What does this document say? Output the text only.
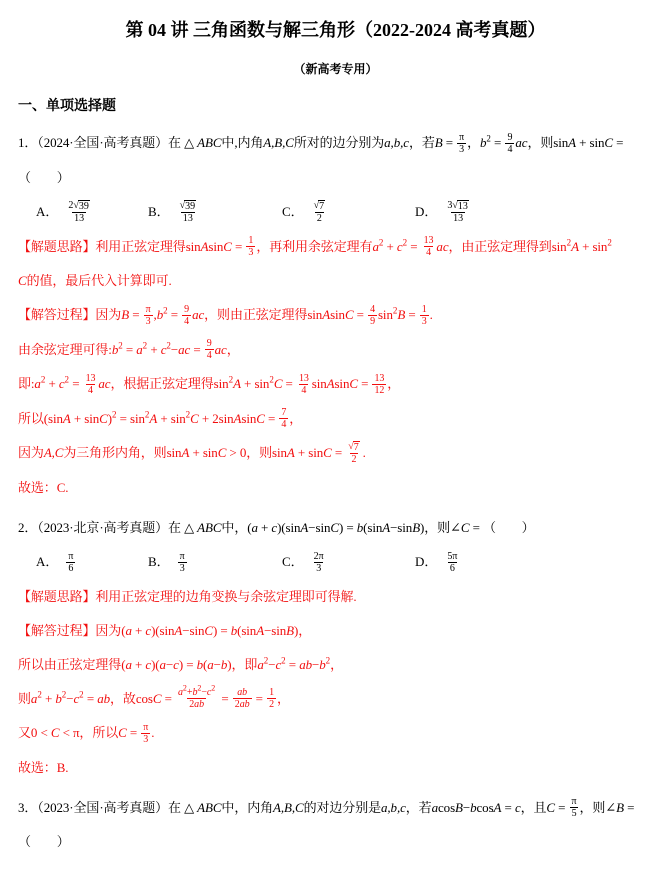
第 04 讲 三角函数与解三角形（2022-2024 高考真题）
（新高考专用）
一、单项选择题
1．（2024·全国·高考真题）在 △ ABC中,内角A,B,C所对的边分别为a,b,c，若$B = \frac{\pi}{3}$ ，$b^2 = \frac{9}{4}$ ac，则sinA + sinC =
（　　）
A． $\frac{2 √ 39}{13}$	B． $\frac{√ 39}{13}$	C． $\frac{√ 7}{2}$	D． $\frac{3 √ 13}{13}$
【解题思路】利用正弦定理得sinAsinC = $\frac{1}{3}$ ，再利用余弦定理有$a^2 + c^2 = \frac{13}{4}$ ac，由正弦定理得到$\sin^2A + \sin^2$
C的值，最后代入计算即可.
【解答过程】因为$B = \frac{\pi}{3} ,b^2 = \frac{9}{4}$ ac，则由正弦定理得sinAsinC = $\frac{4}{9} \sin^2B = \frac{1}{3}$ .
由余弦定理可得$:b^2 = a^2 + c^2-ac = \frac{9}{4}$ ac，
即$:a^2 + c^2 = \frac{13}{4}$ ac，根据正弦定理得$\sin^2A + \sin^2C = \frac{13}{4}$ sinAsinC = $\frac{13}{12}$ ，
所以$(\sin A + \sin C)^2 = \sin^2A + \sin^2C$ + 2sinAsinC = $\frac{7}{4}$ ，
因为A,C为三角形内角，则sinA + sinC > 0，则$\sin A + \sin C = \frac{√ 7}{2}$ .
故选：C.
2．（2023·北京·高考真题）在 △ ABC中，(a + c)(sinA−sinC) = b(sinA−sinB)，则∠C = （　　）
A． $\frac{\pi}{6}$	B． $\frac{\pi}{3}$	C． $\frac{2\pi}{3}$	D． $\frac{5\pi}{6}$
【解题思路】利用正弦定理的边角变换与余弦定理即可得解.
【解答过程】因为(a + c)(sinA−sinC) = b(sinA−sinB)，
所以由正弦定理得(a + c)(a−c) = b(a−b)，即$a^2-c^2 = ab-b^2$，
则$a^2 + b^2-c^2$ = ab，故$\cos C = \frac{a^2+b^2-c^2}{2ab} = \frac{ab}{2ab} = \frac{1}{2}$ ，
又0 < C < π，所以$C = \frac{\pi}{3}$ .
故选：B.
3．（2023·全国·高考真题）在 △ ABC中，内角A,B,C的对边分别是a,b,c，若acosB−bcosA = c，且$C = \frac{\pi}{5}$ ，则∠B =
（　　）
